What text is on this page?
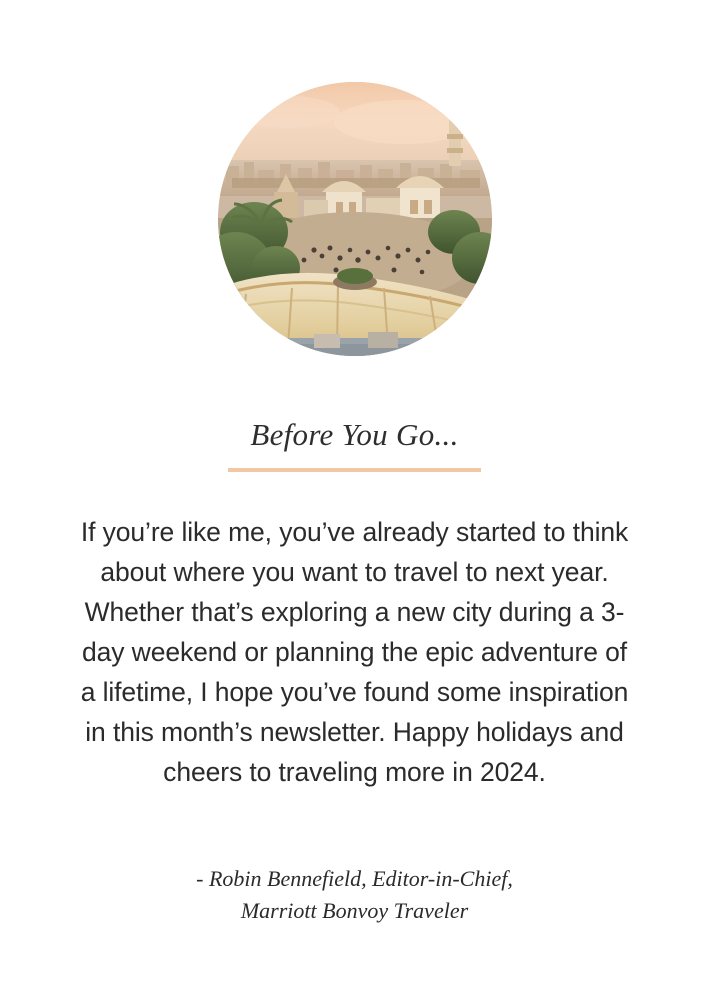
Before You Go...

If you’re like me, you’ve already started to think about where you want to travel to next year. Whether that’s exploring a new city during a 3-day weekend or planning the epic adventure of a lifetime, I hope you’ve found some inspiration in this month’s newsletter. Happy holidays and cheers to traveling more in 2024.

- Robin Bennefield, Editor-in-Chief,
Marriott Bonvoy Traveler
